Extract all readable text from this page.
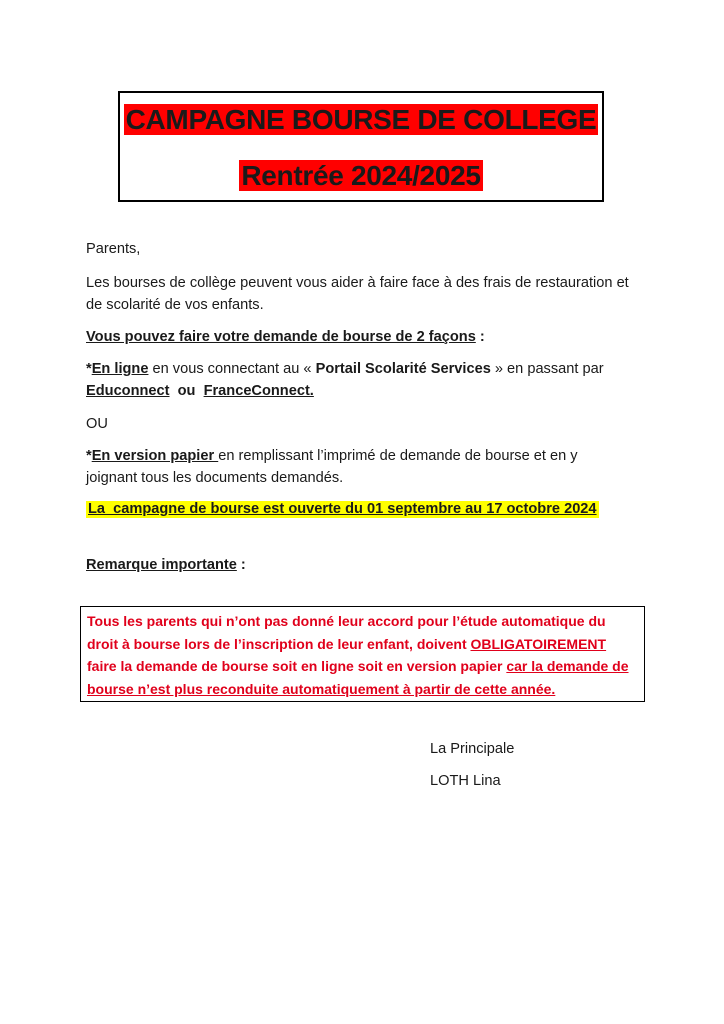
CAMPAGNE BOURSE DE COLLEGE
Rentrée 2024/2025

Parents,

Les bourses de collège peuvent vous aider à faire face à des frais de restauration et de scolarité de vos enfants.

Vous pouvez faire votre demande de bourse de 2 façons :

*En ligne en vous connectant au « Portail Scolarité Services » en passant par Educonnect  ou  FranceConnect.

OU

*En version papier en remplissant l’imprimé de demande de bourse et en y joignant tous les documents demandés.

La  campagne de bourse est ouverte du 01 septembre au 17 octobre 2024

Remarque importante :

Tous les parents qui n’ont pas donné leur accord pour l’étude automatique du droit à bourse lors de l’inscription de leur enfant, doivent OBLIGATOIREMENT faire la demande de bourse soit en ligne soit en version papier car la demande de bourse n’est plus reconduite automatiquement à partir de cette année.

La Principale

LOTH Lina
